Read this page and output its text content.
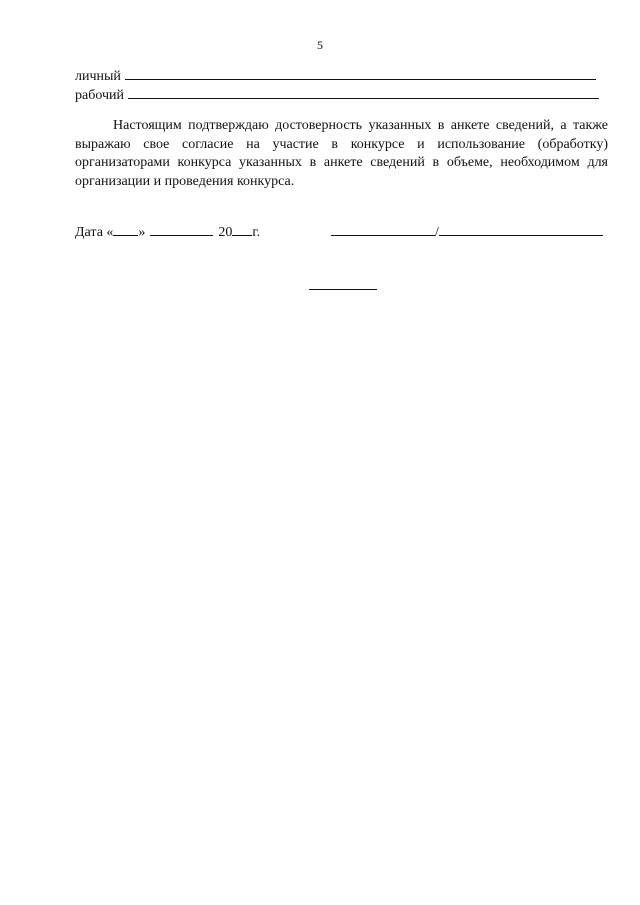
5
личный
рабочий

Настоящим подтверждаю достоверность указанных в анкете сведений, а также выражаю свое согласие на участие в конкурсе и использование (обработку) организаторами конкурса указанных в анкете сведений в объеме, необходимом для организации и проведения конкурса.

Дата « »	20 г.	/
